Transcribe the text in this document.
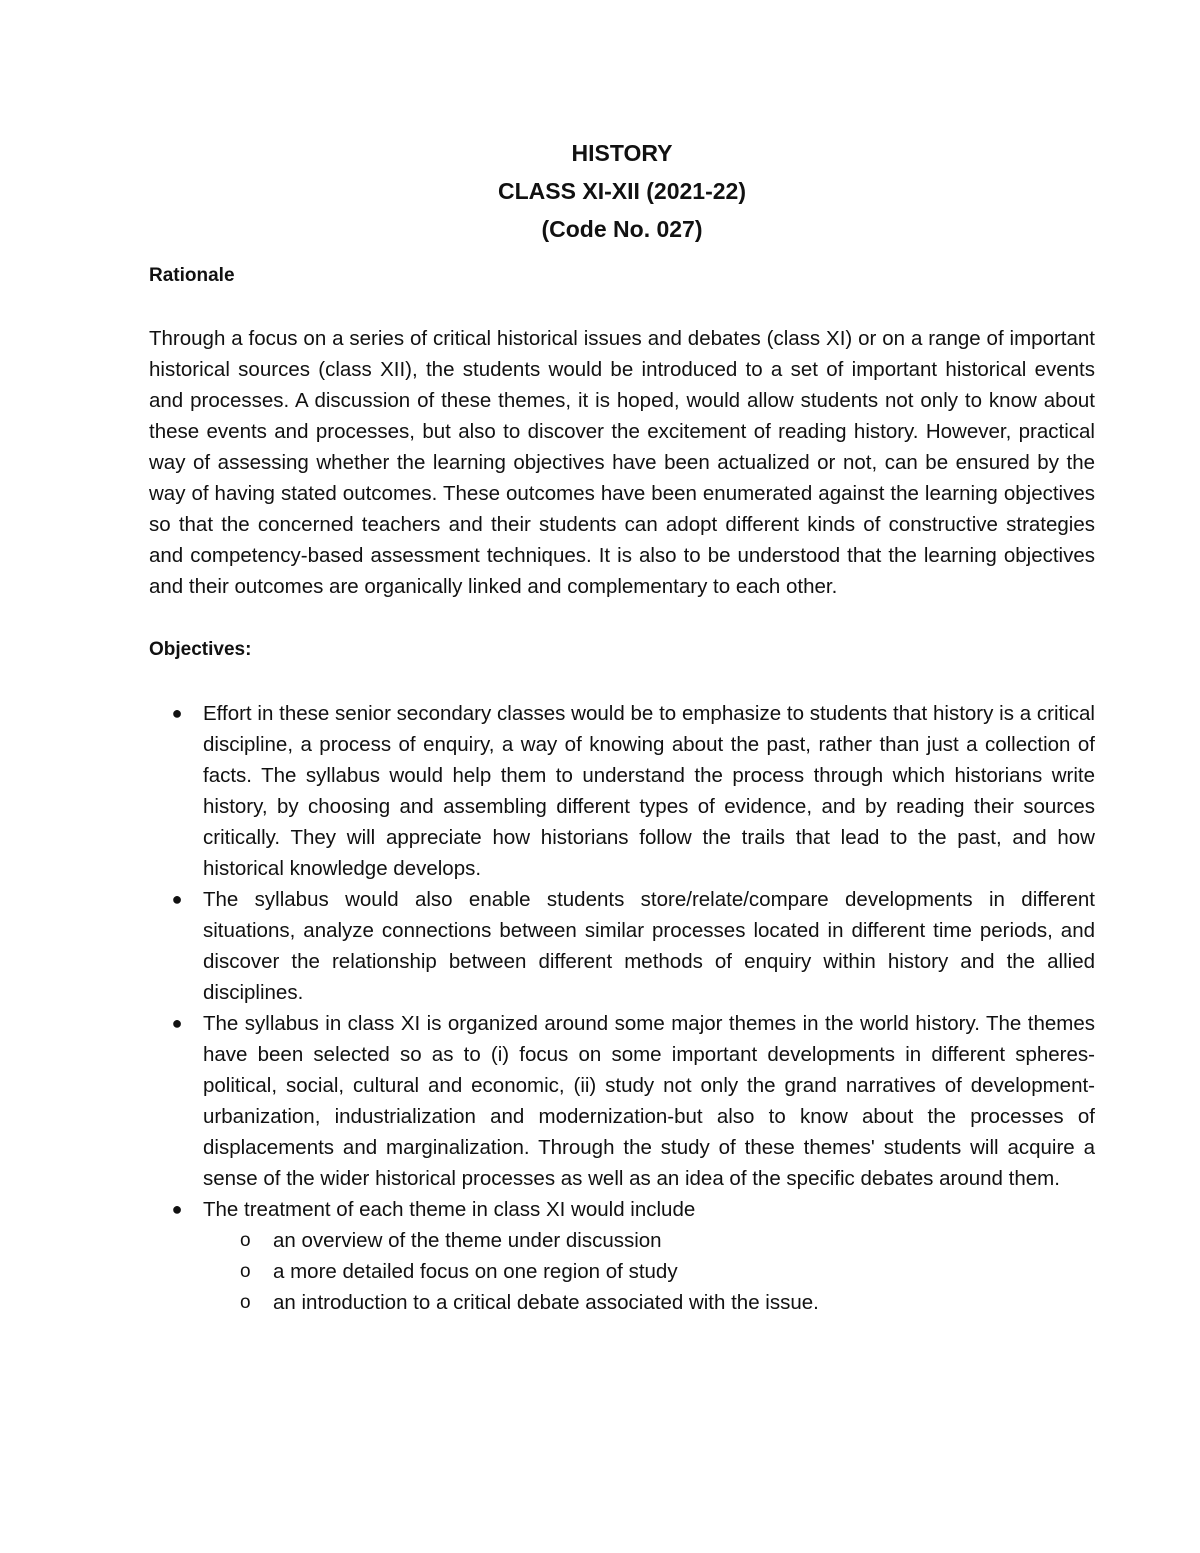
HISTORY
CLASS XI-XII (2021-22)
(Code No. 027)

Rationale

Through a focus on a series of critical historical issues and debates (class XI) or on a range of important historical sources (class XII), the students would be introduced to a set of important historical events and processes. A discussion of these themes, it is hoped, would allow students not only to know about these events and processes, but also to discover the excitement of reading history. However, practical way of assessing whether the learning objectives have been actualized or not, can be ensured by the way of having stated outcomes. These outcomes have been enumerated against the learning objectives so that the concerned teachers and their students can adopt different kinds of constructive strategies and competency-based assessment techniques. It is also to be understood that the learning objectives and their outcomes are organically linked and complementary to each other.

Objectives:

● Effort in these senior secondary classes would be to emphasize to students that history is a critical discipline, a process of enquiry, a way of knowing about the past, rather than just a collection of facts. The syllabus would help them to understand the process through which historians write history, by choosing and assembling different types of evidence, and by reading their sources critically. They will appreciate how historians follow the trails that lead to the past, and how historical knowledge develops.
● The syllabus would also enable students store/relate/compare developments in different situations, analyze connections between similar processes located in different time periods, and discover the relationship between different methods of enquiry within history and the allied disciplines.
● The syllabus in class XI is organized around some major themes in the world history. The themes have been selected so as to (i) focus on some important developments in different spheres-political, social, cultural and economic, (ii) study not only the grand narratives of development-urbanization, industrialization and modernization-but also to know about the processes of displacements and marginalization. Through the study of these themes' students will acquire a sense of the wider historical processes as well as an idea of the specific debates around them.
● The treatment of each theme in class XI would include
o an overview of the theme under discussion
o a more detailed focus on one region of study
o an introduction to a critical debate associated with the issue.
